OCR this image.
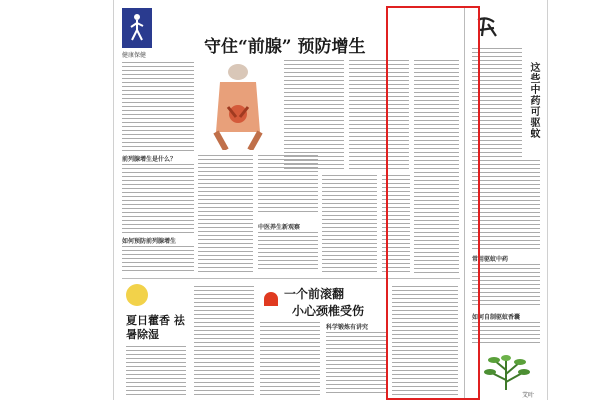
健康保健	守住“前腺” 预防增生
前列腺增生是什么？
如何预防前列腺增生
中医养生新观察
夏日藿香 祛暑除湿
一个前滚翻
小心颈椎受伤
科学锻炼有讲究
这些中药可驱蚊
常用驱蚊中药
如何自制驱蚊香囊
艾叶
